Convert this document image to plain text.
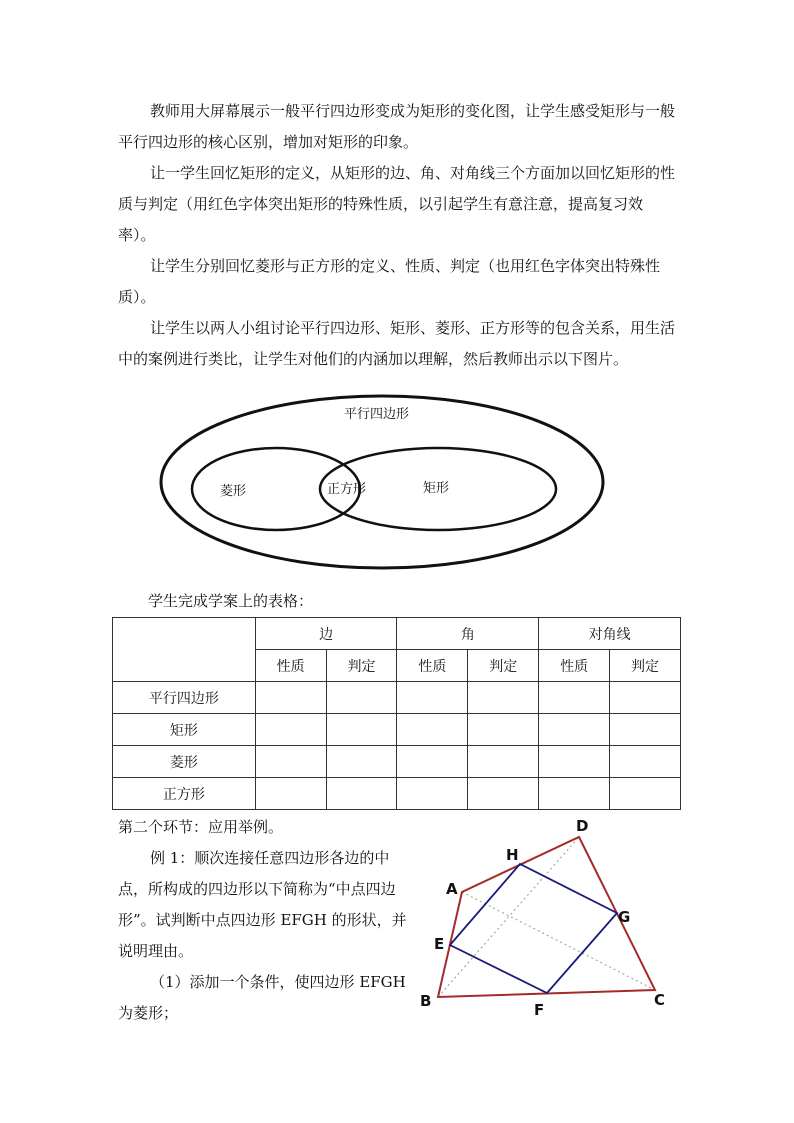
教师用大屏幕展示一般平行四边形变成为矩形的变化图，让学生感受矩形与一般平行四边形的核心区别，增加对矩形的印象。

让一学生回忆矩形的定义，从矩形的边、角、对角线三个方面加以回忆矩形的性质与判定（用红色字体突出矩形的特殊性质，以引起学生有意注意，提高复习效率）。

让学生分别回忆菱形与正方形的定义、性质、判定（也用红色字体突出特殊性质）。

让学生以两人小组讨论平行四边形、矩形、菱形、正方形等的包含关系，用生活中的案例进行类比，让学生对他们的内涵加以理解，然后教师出示以下图片。

平行四边形
菱形	正方形	矩形

学生完成学案上的表格：

	边		角		对角线	
	性质	判定	性质	判定	性质	判定
平行四边形						
矩形						
菱形						
正方形						

第二个环节：应用举例。

例 1：顺次连接任意四边形各边的中点，所构成的四边形以下简称为“中点四边形”。试判断中点四边形 EFGH 的形状，并说明理由。

（1）添加一个条件，使四边形 EFGH 为菱形；

A
D
C
B
E
H
G
F
